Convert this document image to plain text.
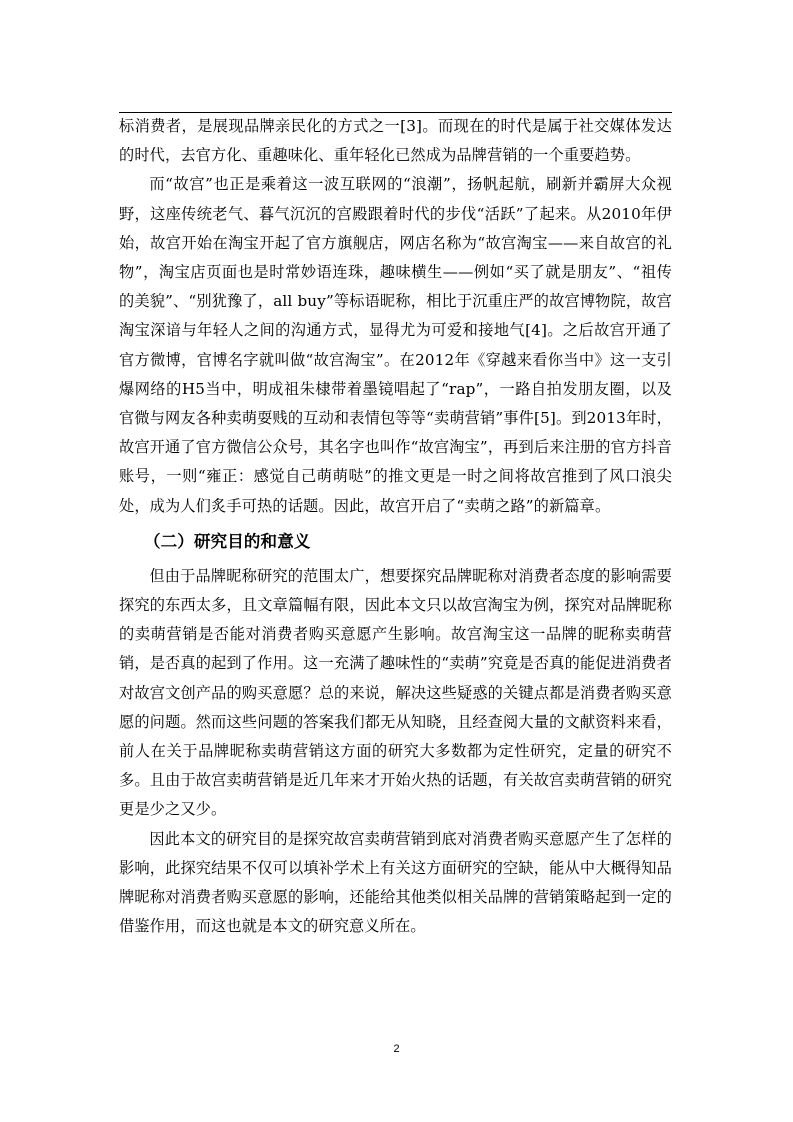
标消费者，是展现品牌亲民化的方式之一[3]。而现在的时代是属于社交媒体发达的时代，去官方化、重趣味化、重年轻化已然成为品牌营销的一个重要趋势。

而“故宫”也正是乘着这一波互联网的“浪潮”，扬帆起航，刷新并霸屏大众视野，这座传统老气、暮气沉沉的宫殿跟着时代的步伐“活跃”了起来。从2010年伊始，故宫开始在淘宝开起了官方旗舰店，网店名称为“故宫淘宝——来自故宫的礼物”，淘宝店页面也是时常妙语连珠，趣味横生——例如“买了就是朋友”、“祖传的美貌”、“别犹豫了，all buy”等标语昵称，相比于沉重庄严的故宫博物院，故宫淘宝深谙与年轻人之间的沟通方式，显得尤为可爱和接地气[4]。之后故宫开通了官方微博，官博名字就叫做“故宫淘宝”。在2012年《穿越来看你当中》这一支引爆网络的H5当中，明成祖朱棣带着墨镜唱起了“rap”，一路自拍发朋友圈，以及官微与网友各种卖萌耍贱的互动和表情包等等“卖萌营销”事件[5]。到2013年时，故宫开通了官方微信公众号，其名字也叫作“故宫淘宝”，再到后来注册的官方抖音账号，一则“雍正：感觉自己萌萌哒”的推文更是一时之间将故宫推到了风口浪尖处，成为人们炙手可热的话题。因此，故宫开启了“卖萌之路”的新篇章。

（二）研究目的和意义

但由于品牌昵称研究的范围太广，想要探究品牌昵称对消费者态度的影响需要探究的东西太多，且文章篇幅有限，因此本文只以故宫淘宝为例，探究对品牌昵称的卖萌营销是否能对消费者购买意愿产生影响。故宫淘宝这一品牌的昵称卖萌营销，是否真的起到了作用。这一充满了趣味性的“卖萌”究竟是否真的能促进消费者对故宫文创产品的购买意愿？总的来说，解决这些疑惑的关键点都是消费者购买意愿的问题。然而这些问题的答案我们都无从知晓，且经查阅大量的文献资料来看，前人在关于品牌昵称卖萌营销这方面的研究大多数都为定性研究，定量的研究不多。且由于故宫卖萌营销是近几年来才开始火热的话题，有关故宫卖萌营销的研究更是少之又少。

因此本文的研究目的是探究故宫卖萌营销到底对消费者购买意愿产生了怎样的影响，此探究结果不仅可以填补学术上有关这方面研究的空缺，能从中大概得知品牌昵称对消费者购买意愿的影响，还能给其他类似相关品牌的营销策略起到一定的借鉴作用，而这也就是本文的研究意义所在。

2
